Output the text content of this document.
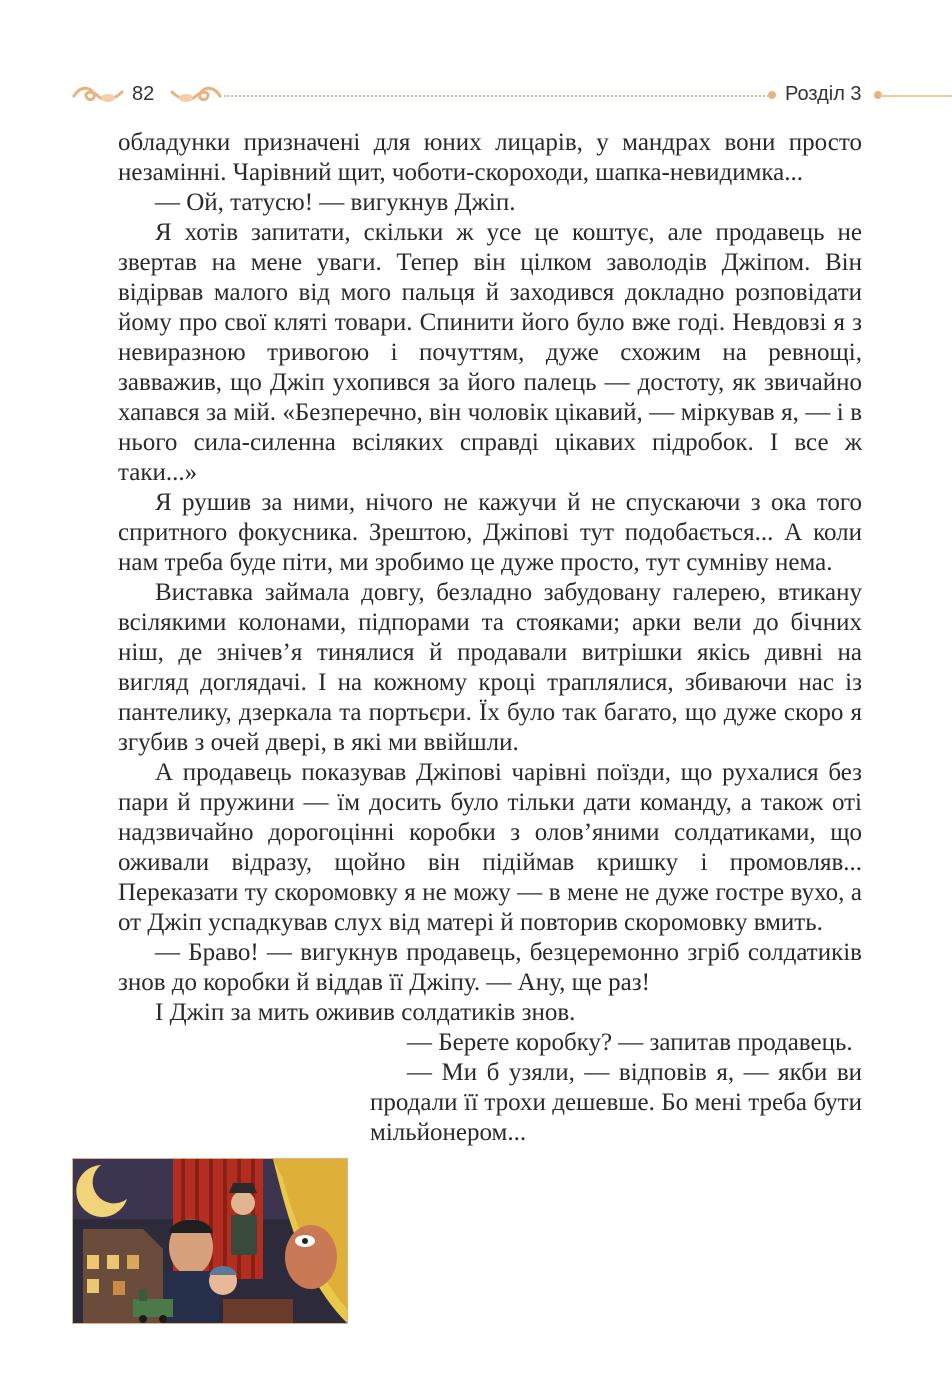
82	Розділ 3

обладунки призначені для юних лицарів, у мандрах вони просто незамінні. Чарівний щит, чоботи-скороходи, шапка-невидимка...

— Ой, татусю! — вигукнув Джіп.

Я хотів запитати, скільки ж усе це коштує, але продавець не звертав на мене уваги. Тепер він цілком заволодів Джіпом. Він відірвав малого від мого пальця й заходився докладно розповідати йому про свої кляті товари. Спинити його було вже годі. Невдовзі я з невиразною тривогою і почуттям, дуже схожим на ревнощі, завважив, що Джіп ухопився за його палець — достоту, як звичайно хапався за мій. «Безперечно, він чоловік цікавий, — міркував я, — і в нього сила-силенна всіляких справді цікавих підробок. І все ж таки...»

Я рушив за ними, нічого не кажучи й не спускаючи з ока того спритного фокусника. Зрештою, Джіпові тут подобається... А коли нам треба буде піти, ми зробимо це дуже просто, тут сумніву нема.

Виставка займала довгу, безладно забудовану галерею, втикану всілякими колонами, підпорами та стояками; арки вели до бічних ніш, де знічев’я тинялися й продавали витрішки якісь дивні на вигляд доглядачі. І на кожному кроці траплялися, збиваючи нас із пантелику, дзеркала та портьєри. Їх було так багато, що дуже скоро я згубив з очей двері, в які ми ввійшли.

А продавець показував Джіпові чарівні поїзди, що рухалися без пари й пружини — їм досить було тільки дати команду, а також оті надзвичайно дорогоцінні коробки з олов’яними солдатиками, що оживали відразу, щойно він підіймав кришку і промовляв... Переказати ту скоромовку я не можу — в мене не дуже гостре вухо, а от Джіп успадкував слух від матері й повторив скоромовку вмить.

— Браво! — вигукнув продавець, безцеремонно згріб солдатиків знов до коробки й віддав її Джіпу. — Ану, ще раз!

І Джіп за мить оживив солдатиків знов.

— Берете коробку? — запитав продавець.

— Ми б узяли, — відповів я, — якби ви продали її трохи дешевше. Бо мені треба бути мільйонером...
